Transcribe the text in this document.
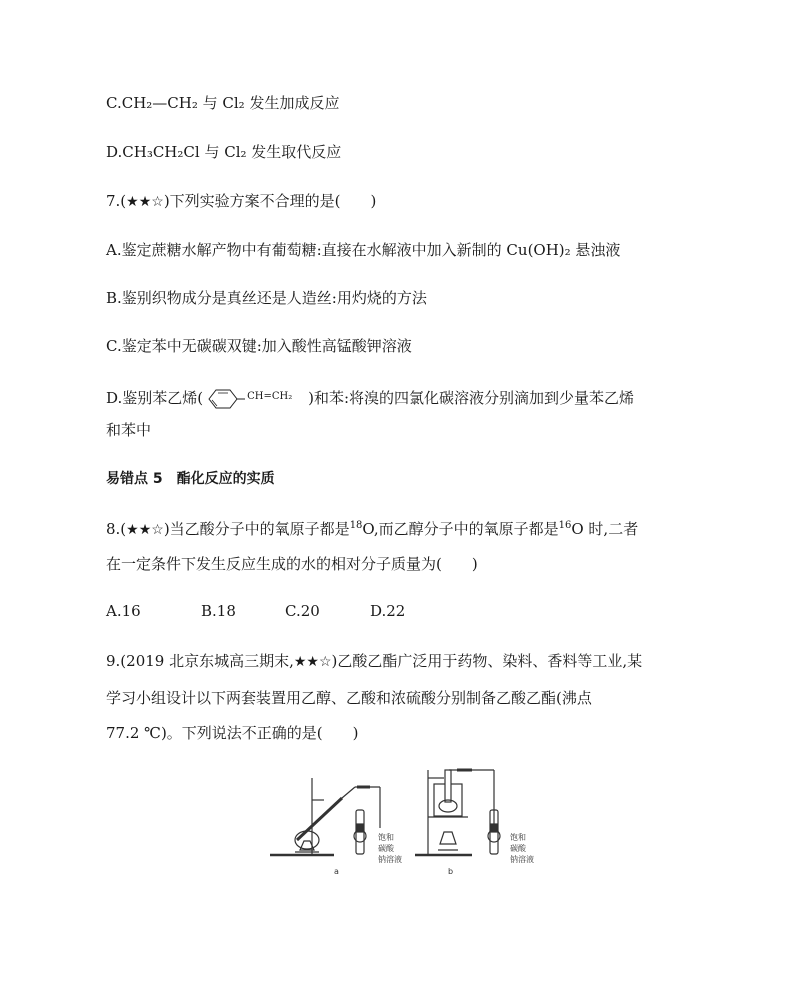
C.CH₂—CH₂ 与 Cl₂ 发生加成反应
D.CH₃CH₂Cl 与 Cl₂ 发生取代反应
7.(★★☆)下列实验方案不合理的是( )
A.鉴定蔗糖水解产物中有葡萄糖:直接在水解液中加入新制的 Cu(OH)₂ 悬浊液
B.鉴别织物成分是真丝还是人造丝:用灼烧的方法
C.鉴定苯中无碳碳双键:加入酸性高锰酸钾溶液
D.鉴别苯乙烯(	CH=CH₂ )和苯:将溴的四氯化碳溶液分别滴加到少量苯乙烯
和苯中
易错点 5　酯化反应的实质
8.(★★☆)当乙酸分子中的氧原子都是$^{18}$O,而乙醇分子中的氧原子都是$^{16}$O 时,二者
在一定条件下发生反应生成的水的相对分子质量为( )
A.16	B.18	C.20	D.22
9.(2019 北京东城高三期末,★★☆)乙酸乙酯广泛用于药物、染料、香料等工业,某
学习小组设计以下两套装置用乙醇、乙酸和浓硫酸分别制备乙酸乙酯(沸点
77.2 ℃)。下列说法不正确的是( )
饱和
碳酸
钠溶液
饱和
碳酸
钠溶液
a	b
